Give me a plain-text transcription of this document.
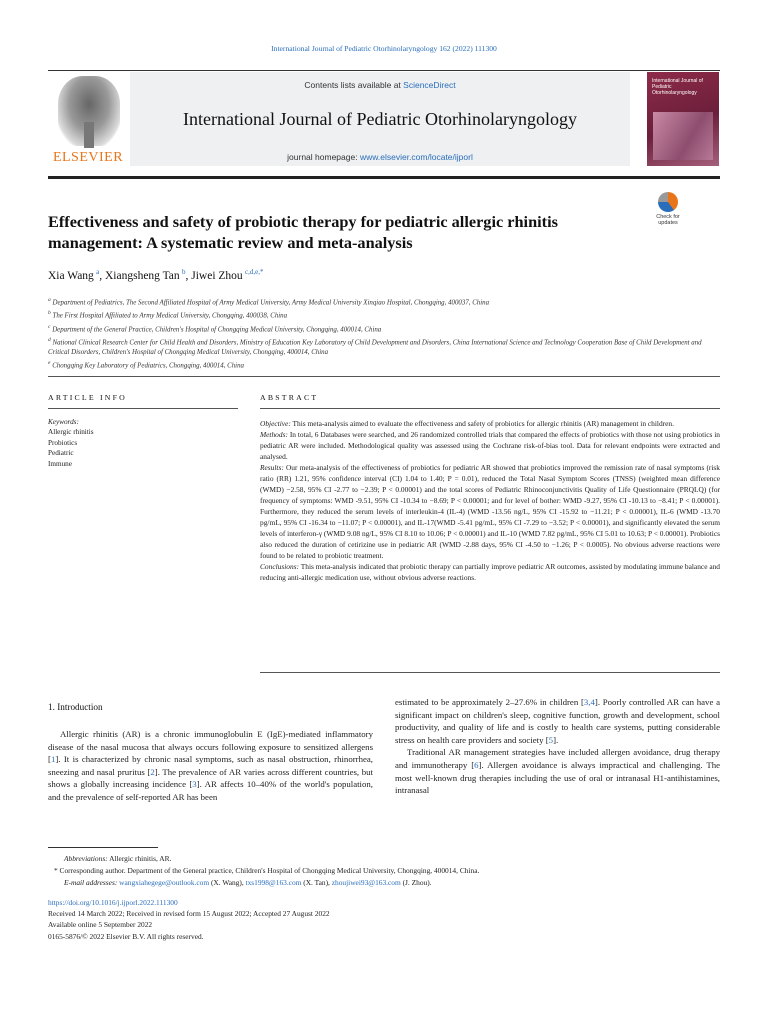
International Journal of Pediatric Otorhinolaryngology 162 (2022) 111300
ELSEVIER
Contents lists available at ScienceDirect
International Journal of Pediatric Otorhinolaryngology
journal homepage: www.elsevier.com/locate/ijporl
International Journal of Pediatric Otorhinolaryngology
Effectiveness and safety of probiotic therapy for pediatric allergic rhinitis management: A systematic review and meta-analysis
Check for updates
Xia Wang  $^a$, Xiangsheng Tan  $^b$, Jiwei Zhou  $^{c,d,e,*}$
$^a$ Department of Pediatrics, The Second Affiliated Hospital of Army Medical University, Army Medical University Xinqiao Hospital, Chongqing, 400037, China
$^b$ The First Hospital Affiliated to Army Medical University, Chongqing, 400038, China
$^c$ Department of the General Practice, Children's Hospital of Chongqing Medical University, Chongqing, 400014, China
$^d$ National Clinical Research Center for Child Health and Disorders, Ministry of Education Key Laboratory of Child Development and Disorders, China International Science and Technology Cooperation Base of Child Development and Critical Disorders, Children's Hospital of Chongqing Medical University, Chongqing, 400014, China
$^e$ Chongqing Key Laboratory of Pediatrics, Chongqing, 400014, China
ARTICLE INFO
Keywords:
Allergic rhinitis
Probiotics
Pediatric
Immune
ABSTRACT

Objective: This meta-analysis aimed to evaluate the effectiveness and safety of probiotics for allergic rhinitis (AR) management in children.

Methods: In total, 6 Databases were searched, and 26 randomized controlled trials that compared the effects of probiotics with those not using probiotics in pediatric AR were included. Methodological quality was assessed using the Cochrane risk-of-bias tool. Data for relevant endpoints were extracted and analysed.

Results: Our meta-analysis of the effectiveness of probiotics for pediatric AR showed that probiotics improved the remission rate of nasal symptoms (risk ratio (RR) 1.21, 95% confidence interval (CI) 1.04 to 1.40; P = 0.01), reduced the Total Nasal Symptom Scores (TNSS) (weighted mean difference (WMD) −2.58, 95% CI -2.77 to −2.39; P < 0.00001) and the total scores of Pediatric Rhinoconjunctivitis Quality of Life Questionnaire (PRQLQ) (for frequency of symptoms: WMD -9.51, 95% CI -10.34 to −8.69; P < 0.00001; and for level of bother: WMD -9.27, 95% CI -10.13 to −8.41; P < 0.00001). Furthermore, they reduced the serum levels of interleukin-4 (IL-4) (WMD -13.56 ng/L, 95% CI -15.92 to −11.21; P < 0.00001), IL-6 (WMD -13.70 pg/mL, 95% CI -16.34 to −11.07; P < 0.00001), and IL-17(WMD -5.41 pg/mL, 95% CI -7.29 to −3.52; P < 0.00001), and significantly elevated the serum levels of interferon-γ (WMD 9.08 ng/L, 95% CI 8.10 to 10.06; P < 0.00001) and IL-10 (WMD 7.82 pg/mL, 95% CI 5.01 to 10.63; P < 0.00001). Probiotics also reduced the duration of cetirizine use in pediatric AR (WMD -2.88 days, 95% CI -4.50 to −1.26; P < 0.0005). No obvious adverse reactions were found to be related to probiotic treatment.

Conclusions: This meta-analysis indicated that probiotic therapy can partially improve pediatric AR outcomes, assisted by modulating immune balance and reducing anti-allergic medication use, without obvious adverse reactions.

1. Introduction

Allergic rhinitis (AR) is a chronic immunoglobulin E (IgE)-mediated inflammatory disease of the nasal mucosa that always occurs following exposure to sensitized allergens [1]. It is characterized by chronic nasal symptoms, such as nasal obstruction, rhinorrhea, sneezing and nasal pruritus [2]. The prevalence of AR varies across different countries, but shows a globally increasing incidence [3]. AR affects 10–40% of the world's population, and the prevalence of self-reported AR has been

estimated to be approximately 2–27.6% in children [3,4]. Poorly controlled AR can have a significant impact on children's sleep, cognitive function, growth and development, school productivity, and quality of life and is costly to health care systems, putting considerable stress on health care providers and society [5].

Traditional AR management strategies have included allergen avoidance, drug therapy and immunotherapy [6]. Allergen avoidance is always impractical and challenging. The most well-known drug therapies including the use of oral or intranasal H1-antihistamines, intranasal

Abbreviations: Allergic rhinitis, AR.
* Corresponding author. Department of the General practice, Children's Hospital of Chongqing Medical University, Chongqing, 400014, China.
E-mail addresses: wangxiahegege@outlook.com (X. Wang), txs1998@163.com (X. Tan), zhoujiwei93@163.com (J. Zhou).
https://doi.org/10.1016/j.ijporl.2022.111300
Received 14 March 2022; Received in revised form 15 August 2022; Accepted 27 August 2022
Available online 5 September 2022
0165-5876/© 2022 Elsevier B.V. All rights reserved.
